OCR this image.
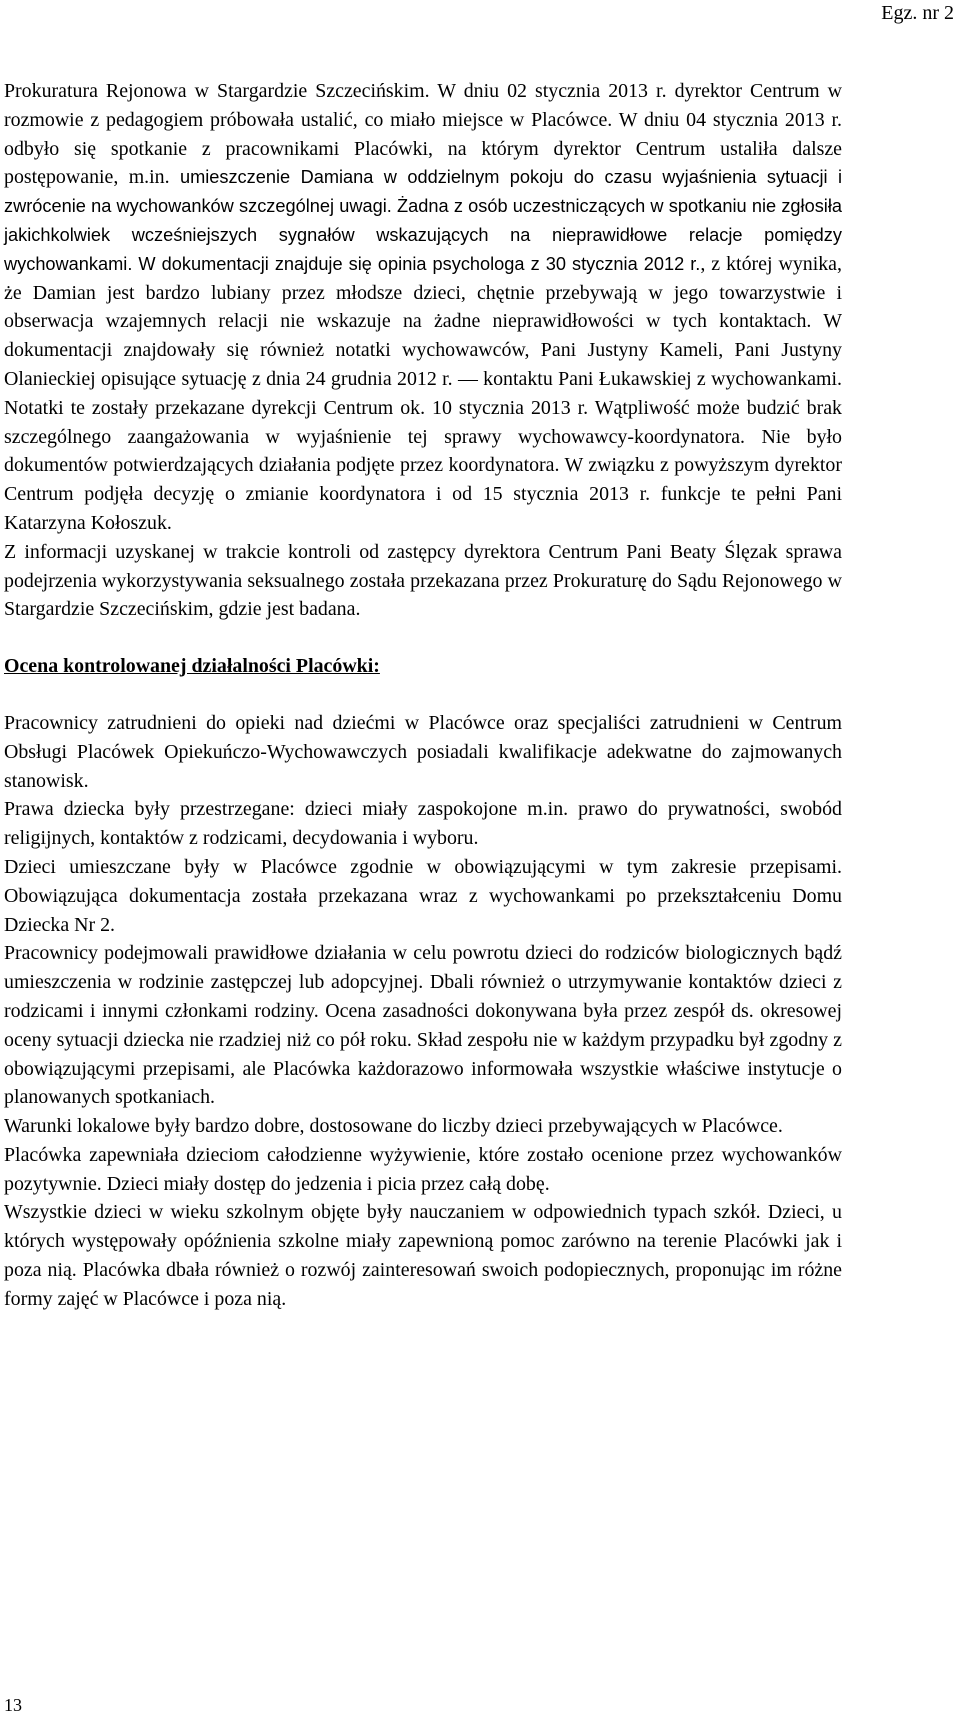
Egz. nr 2

Prokuratura Rejonowa w Stargardzie Szczecińskim. W dniu 02 stycznia 2013 r. dyrektor Centrum w rozmowie z pedagogiem próbowała ustalić, co miało miejsce w Placówce. W dniu 04 stycznia 2013 r. odbyło się spotkanie z pracownikami Placówki, na którym dyrektor Centrum ustaliła dalsze postępowanie, m.in. umieszczenie Damiana w oddzielnym pokoju do czasu wyjaśnienia sytuacji i zwrócenie na wychowanków szczególnej uwagi. Żadna z osób uczestniczących w spotkaniu nie zgłosiła jakichkolwiek wcześniejszych sygnałów wskazujących na nieprawidłowe relacje pomiędzy wychowankami. W dokumentacji znajduje się opinia psychologa z 30 stycznia 2012 r., z której wynika, że Damian jest bardzo lubiany przez młodsze dzieci, chętnie przebywają w jego towarzystwie i obserwacja wzajemnych relacji nie wskazuje na żadne nieprawidłowości w tych kontaktach. W dokumentacji znajdowały się również notatki wychowawców, Pani Justyny Kameli, Pani Justyny Olanieckiej opisujące sytuację z dnia 24 grudnia 2012 r. — kontaktu Pani Łukawskiej z wychowankami. Notatki te zostały przekazane dyrekcji Centrum ok. 10 stycznia 2013 r. Wątpliwość może budzić brak szczególnego zaangażowania w wyjaśnienie tej sprawy wychowawcy-koordynatora. Nie było dokumentów potwierdzających działania podjęte przez koordynatora. W związku z powyższym dyrektor Centrum podjęła decyzję o zmianie koordynatora i od 15 stycznia 2013 r. funkcje te pełni Pani Katarzyna Kołoszuk.

Z informacji uzyskanej w trakcie kontroli od zastępcy dyrektora Centrum Pani Beaty Ślęzak sprawa podejrzenia wykorzystywania seksualnego została przekazana przez Prokuraturę do Sądu Rejonowego w Stargardzie Szczecińskim, gdzie jest badana.

Ocena kontrolowanej działalności Placówki:

Pracownicy zatrudnieni do opieki nad dziećmi w Placówce oraz specjaliści zatrudnieni w Centrum Obsługi Placówek Opiekuńczo-Wychowawczych posiadali kwalifikacje adekwatne do zajmowanych stanowisk.

Prawa dziecka były przestrzegane: dzieci miały zaspokojone m.in. prawo do prywatności, swobód religijnych, kontaktów z rodzicami, decydowania i wyboru.

Dzieci umieszczane były w Placówce zgodnie w obowiązującymi w tym zakresie przepisami. Obowiązująca dokumentacja została przekazana wraz z wychowankami po przekształceniu Domu Dziecka Nr 2.

Pracownicy podejmowali prawidłowe działania w celu powrotu dzieci do rodziców biologicznych bądź umieszczenia w rodzinie zastępczej lub adopcyjnej. Dbali również o utrzymywanie kontaktów dzieci z rodzicami i innymi członkami rodziny. Ocena zasadności dokonywana była przez zespół ds. okresowej oceny sytuacji dziecka nie rzadziej niż co pół roku. Skład zespołu nie w każdym przypadku był zgodny z obowiązującymi przepisami, ale Placówka każdorazowo informowała wszystkie właściwe instytucje o planowanych spotkaniach.

Warunki lokalowe były bardzo dobre, dostosowane do liczby dzieci przebywających w Placówce.

Placówka zapewniała dzieciom całodzienne wyżywienie, które zostało ocenione przez wychowanków pozytywnie. Dzieci miały dostęp do jedzenia i picia przez całą dobę.

Wszystkie dzieci w wieku szkolnym objęte były nauczaniem w odpowiednich typach szkół. Dzieci, u których występowały opóźnienia szkolne miały zapewnioną pomoc zarówno na terenie Placówki jak i poza nią. Placówka dbała również o rozwój zainteresowań swoich podopiecznych, proponując im różne formy zajęć w Placówce i poza nią.

13
